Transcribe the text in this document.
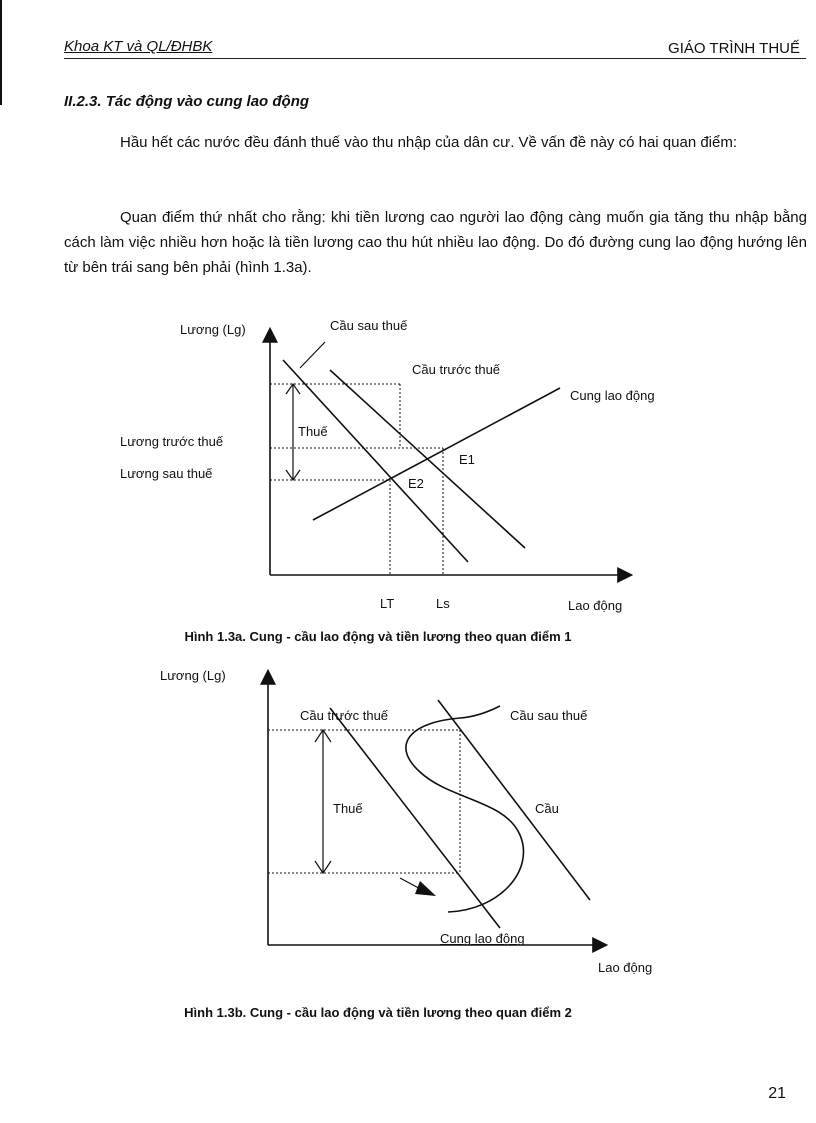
Khoa KT và QL/ĐHBK	GIÁO TRÌNH THUẾ
II.2.3. Tác động vào cung lao động
Hầu hết các nước đều đánh thuế vào thu nhập của dân cư. Về vấn đề này có hai quan điểm:
Quan điểm thứ nhất cho rằng: khi tiền lương cao người lao động càng muốn gia tăng thu nhập bằng cách làm việc nhiều hơn hoặc là tiền lương cao thu hút nhiều lao động. Do đó đường cung lao động hướng lên từ bên trái sang bên phải (hình 1.3a).
Lương (Lg)	Cầu sau thuế
Cầu trước thuế
Cung lao động
Thuế
Lương trước thuế
Lương sau thuế
E1
E2
LT	Ls	Lao động
Hình 1.3a. Cung - cầu lao động và tiền lương theo quan điểm 1
Lương (Lg)
Cầu trước thuế	Cầu sau thuế
Cầu
Thuế
Cung lao động
Lao động
Hình 1.3b. Cung - cầu lao động và tiền lương theo quan điểm 2
21
